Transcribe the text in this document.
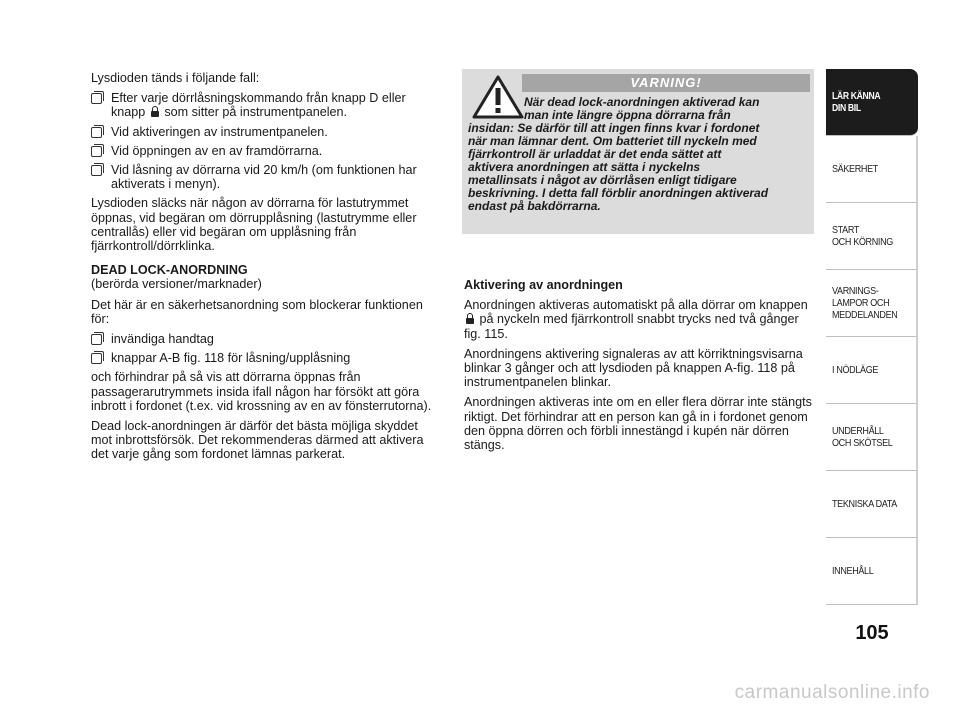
Lysdioden tänds i följande fall:

Efter varje dörrlåsningskommando från knapp D eller knapp som sitter på instrumentpanelen.
Vid aktiveringen av instrumentpanelen.
Vid öppningen av en av framdörrarna.
Vid låsning av dörrarna vid 20 km/h (om funktionen har aktiverats i menyn).

Lysdioden släcks när någon av dörrarna för lastutrymmet öppnas, vid begäran om dörrupplåsning (lastutrymme eller centrallås) eller vid begäran om upplåsning från fjärrkontroll/dörrklinka.

DEAD LOCK-ANORDNING

(berörda versioner/marknader)

Det här är en säkerhetsanordning som blockerar funktionen för:

invändiga handtag
knappar A-B fig. 118 för låsning/upplåsning

och förhindrar på så vis att dörrarna öppnas från passagerarutrymmets insida ifall någon har försökt att göra inbrott i fordonet (t.ex. vid krossning av en av fönsterrutorna).

Dead lock-anordningen är därför det bästa möjliga skyddet mot inbrottsförsök. Det rekommenderas därmed att aktivera det varje gång som fordonet lämnas parkerat.

VARNING!
När dead lock-anordningen aktiverad kan
man inte längre öppna dörrarna från
insidan: Se därför till att ingen finns kvar i fordonet
när man lämnar dent. Om batteriet till nyckeln med
fjärrkontroll är urladdat är det enda sättet att
aktivera anordningen att sätta i nyckelns
metallinsats i något av dörrlåsen enligt tidigare
beskrivning. I detta fall förblir anordningen aktiverad
endast på bakdörrarna.

Aktivering av anordningen

Anordningen aktiveras automatiskt på alla dörrar om knappen
på nyckeln med fjärrkontroll snabbt trycks ned två gånger fig. 115.

Anordningens aktivering signaleras av att körriktningsvisarna blinkar 3 gånger och att lysdioden på knappen A-fig. 118 på instrumentpanelen blinkar.

Anordningen aktiveras inte om en eller flera dörrar inte stängts riktigt. Det förhindrar att en person kan gå in i fordonet genom den öppna dörren och förbli innestängd i kupén när dörren stängs.

LÄR KÄNNA
DIN BIL
SÄKERHET
START
OCH KÖRNING
VARNINGS-
LAMPOR OCH
MEDDELANDEN
I NÖDLÄGE
UNDERHÅLL
OCH SKÖTSEL
TEKNISKA DATA
INNEHÅLL
105
carmanualsonline.info
